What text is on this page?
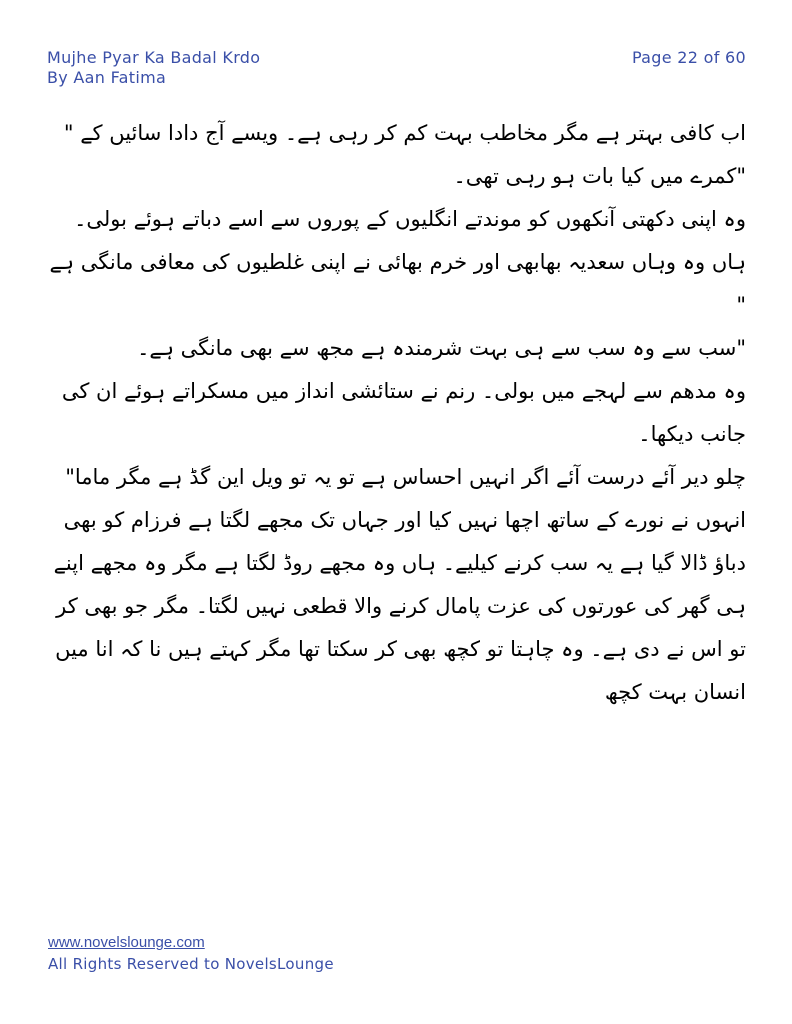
Mujhe Pyar Ka Badal Krdo
By Aan Fatima
Page 22 of 60

اب کافی بہتر ہے مگر مخاطب بہت کم کر رہی ہے۔ ویسے آج دادا سائیں کے "

"کمرے میں کیا بات ہو رہی تھی۔

وہ اپنی دکھتی آنکھوں کو موندتے انگلیوں کے پوروں سے اسے دباتے ہوئے بولی۔

ہاں وہ وہاں سعدیہ بھابھی اور خرم بھائی نے اپنی غلطیوں کی معافی مانگی ہے "

"سب سے وہ سب سے ہی بہت شرمندہ ہے مجھ سے بھی مانگی ہے۔

وہ مدھم سے لہجے میں بولی۔ رنم نے ستائشی انداز میں مسکراتے ہوئے ان کی جانب دیکھا۔

چلو دیر آئے درست آئے اگر انہیں احساس ہے تو یہ تو ویل این گڈ ہے مگر ماما" انہوں نے نورے کے ساتھ اچھا نہیں کیا اور جہاں تک مجھے لگتا ہے فرزام کو بھی دباؤ ڈالا گیا ہے یہ سب کرنے کیلیے۔ ہاں وہ مجھے روڈ لگتا ہے مگر وہ مجھے اپنے ہی گھر کی عورتوں کی عزت پامال کرنے والا قطعی نہیں لگتا۔ مگر جو بھی کر تو اس نے دی ہے۔ وہ چاہتا تو کچھ بھی کر سکتا تھا مگر کہتے ہیں نا کہ انا میں انسان بہت کچھ

www.novelslounge.com
All Rights Reserved to NovelsLounge
